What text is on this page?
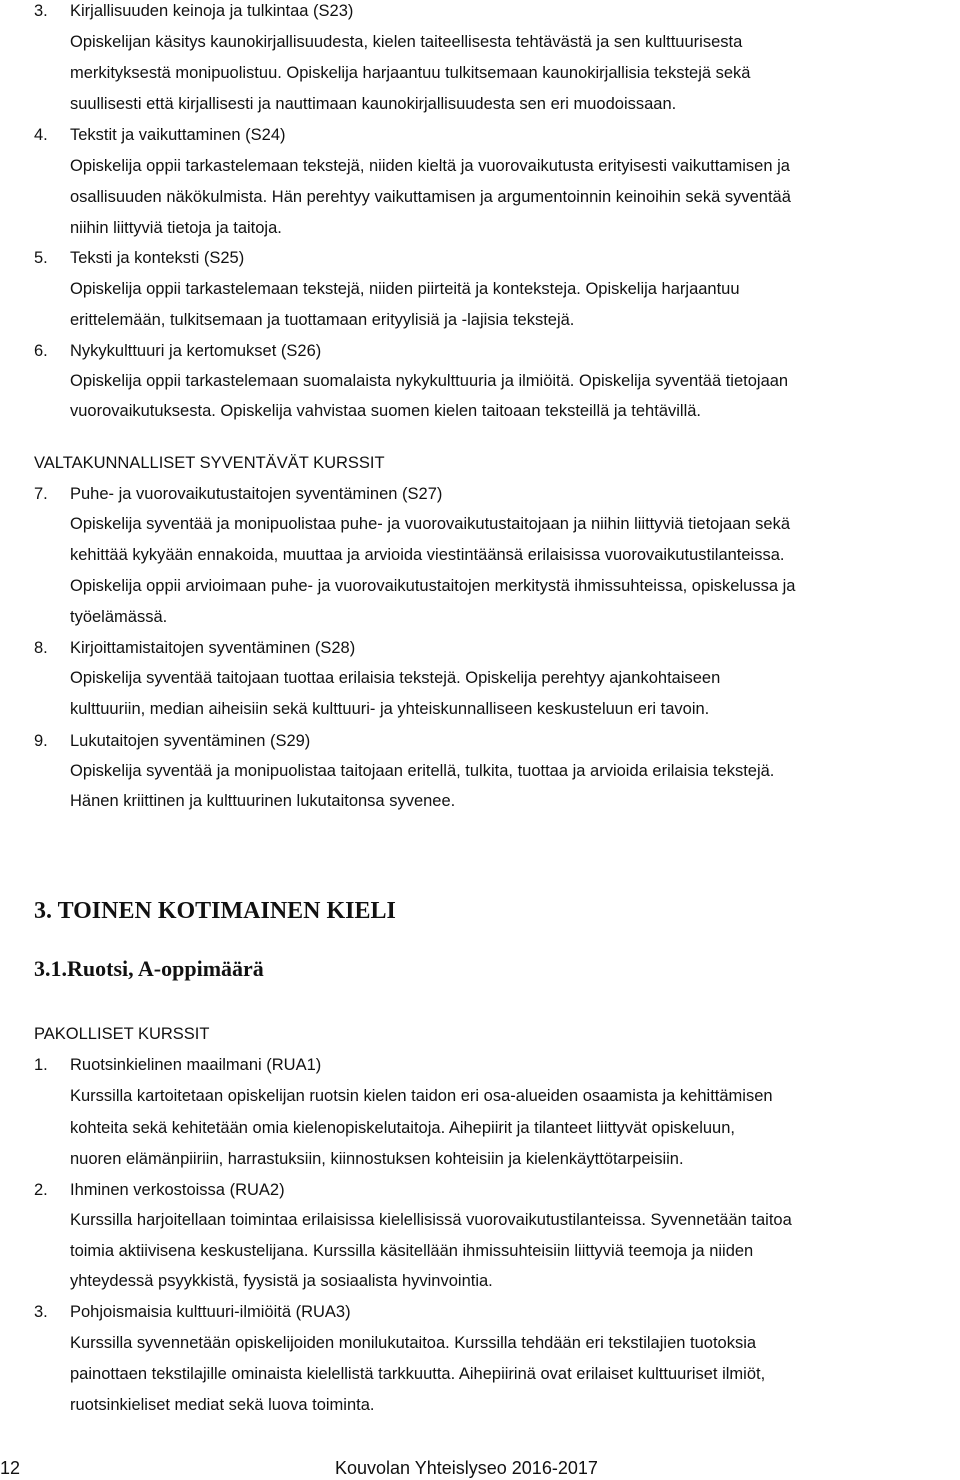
3. Kirjallisuuden keinoja ja tulkintaa (S23)
Opiskelijan käsitys kaunokirjallisuudesta, kielen taiteellisesta tehtävästä ja sen kulttuurisesta
merkityksestä monipuolistuu. Opiskelija harjaantuu tulkitsemaan kaunokirjallisia tekstejä sekä
suullisesti että kirjallisesti ja nauttimaan kaunokirjallisuudesta sen eri muodoissaan.
4. Tekstit ja vaikuttaminen (S24)
Opiskelija oppii tarkastelemaan tekstejä, niiden kieltä ja vuorovaikutusta erityisesti vaikuttamisen ja
osallisuuden näkökulmista. Hän perehtyy vaikuttamisen ja argumentoinnin keinoihin sekä syventää
niihin liittyviä tietoja ja taitoja.
5. Teksti ja konteksti (S25)
Opiskelija oppii tarkastelemaan tekstejä, niiden piirteitä ja konteksteja. Opiskelija harjaantuu
erittelemään, tulkitsemaan ja tuottamaan erityylisiä ja -lajisia tekstejä.
6. Nykykulttuuri ja kertomukset (S26)
Opiskelija oppii tarkastelemaan suomalaista nykykulttuuria ja ilmiöitä. Opiskelija syventää tietojaan
vuorovaikutuksesta. Opiskelija vahvistaa suomen kielen taitoaan teksteillä ja tehtävillä.
VALTAKUNNALLISET SYVENTÄVÄT KURSSIT
7. Puhe- ja vuorovaikutustaitojen syventäminen (S27)
Opiskelija syventää ja monipuolistaa puhe- ja vuorovaikutustaitojaan ja niihin liittyviä tietojaan sekä
kehittää kykyään ennakoida, muuttaa ja arvioida viestintäänsä erilaisissa vuorovaikutustilanteissa.
Opiskelija oppii arvioimaan puhe- ja vuorovaikutustaitojen merkitystä ihmissuhteissa, opiskelussa ja
työelämässä.
8. Kirjoittamistaitojen syventäminen (S28)
Opiskelija syventää taitojaan tuottaa erilaisia tekstejä. Opiskelija perehtyy ajankohtaiseen
kulttuuriin, median aiheisiin sekä kulttuuri- ja yhteiskunnalliseen keskusteluun eri tavoin.
9. Lukutaitojen syventäminen (S29)
Opiskelija syventää ja monipuolistaa taitojaan eritellä, tulkita, tuottaa ja arvioida erilaisia tekstejä.
Hänen kriittinen ja kulttuurinen lukutaitonsa syvenee.
3. TOINEN KOTIMAINEN KIELI
3.1.Ruotsi, A-oppimäärä
PAKOLLISET KURSSIT
1. Ruotsinkielinen maailmani (RUA1)
Kurssilla kartoitetaan opiskelijan ruotsin kielen taidon eri osa-alueiden osaamista ja kehittämisen
kohteita sekä kehitetään omia kielenopiskelutaitoja. Aihepiirit ja tilanteet liittyvät opiskeluun,
nuoren elämänpiiriin, harrastuksiin, kiinnostuksen kohteisiin ja kielenkäyttötarpeisiin.
2. Ihminen verkostoissa (RUA2)
Kurssilla harjoitellaan toimintaa erilaisissa kielellisissä vuorovaikutustilanteissa. Syvennetään taitoa
toimia aktiivisena keskustelijana. Kurssilla käsitellään ihmissuhteisiin liittyviä teemoja ja niiden
yhteydessä psyykkistä, fyysistä ja sosiaalista hyvinvointia.
3. Pohjoismaisia kulttuuri-ilmiöitä (RUA3)
Kurssilla syvennetään opiskelijoiden monilukutaitoa. Kurssilla tehdään eri tekstilajien tuotoksia
painottaen tekstilajille ominaista kielellistä tarkkuutta. Aihepiirinä ovat erilaiset kulttuuriset ilmiöt,
ruotsinkieliset mediat sekä luova toiminta.
12	Kouvolan Yhteislyseo 2016-2017
